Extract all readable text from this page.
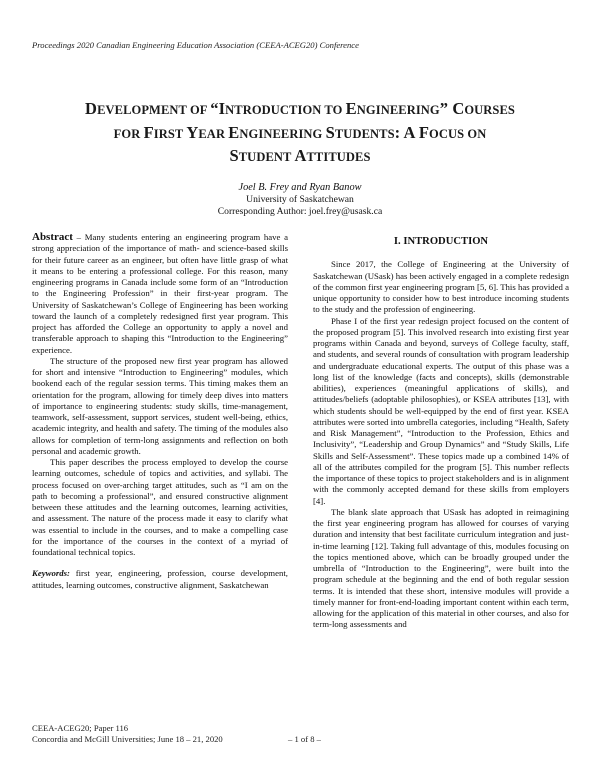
Proceedings 2020 Canadian Engineering Education Association (CEEA-ACEG20) Conference
DEVELOPMENT OF “INTRODUCTION TO ENGINEERING” COURSES
FOR FIRST YEAR ENGINEERING STUDENTS: A FOCUS ON
STUDENT ATTITUDES
Joel B. Frey and Ryan Banow
University of Saskatchewan
Corresponding Author: joel.frey@usask.ca

Abstract – Many students entering an engineering program have a strong appreciation of the importance of math- and science-based skills for their future career as an engineer, but often have little grasp of what it means to be entering a professional college. For this reason, many engineering programs in Canada include some form of an “Introduction to the Engineering Profession” in their first-year program. The University of Saskatchewan’s College of Engineering has been working toward the launch of a completely redesigned first year program. This project has afforded the College an opportunity to apply a novel and transferable approach to shaping this “Introduction to the Engineering” experience.

The structure of the proposed new first year program has allowed for short and intensive “Introduction to Engineering” modules, which bookend each of the regular session terms. This timing makes them an orientation for the program, allowing for timely deep dives into matters of importance to engineering students: study skills, time-management, teamwork, self-assessment, support services, student well-being, ethics, academic integrity, and health and safety. The timing of the modules also allows for completion of term-long assignments and reflection on both personal and academic growth.

This paper describes the process employed to develop the course learning outcomes, schedule of topics and activities, and syllabi. The process focused on over-arching target attitudes, such as “I am on the path to becoming a professional”, and ensured constructive alignment between these attitudes and the learning outcomes, learning activities, and assessment. The nature of the process made it easy to clarify what was essential to include in the courses, and to make a compelling case for the importance of the courses in the context of a myriad of foundational technical topics.

Keywords: first year, engineering, profession, course development, attitudes, learning outcomes, constructive alignment, Saskatchewan

I. INTRODUCTION

Since 2017, the College of Engineering at the University of Saskatchewan (USask) has been actively engaged in a complete redesign of the common first year engineering program [5, 6]. This has provided a unique opportunity to consider how to best introduce incoming students to the study and the profession of engineering.

Phase I of the first year redesign project focused on the content of the proposed program [5]. This involved research into existing first year programs within Canada and beyond, surveys of College faculty, staff, and students, and several rounds of consultation with program leadership and undergraduate educational experts. The output of this phase was a long list of the knowledge (facts and concepts), skills (demonstrable abilities), experiences (meaningful applications of skills), and attitudes/beliefs (adoptable philosophies), or KSEA attributes [13], with which students should be well-equipped by the end of first year. KSEA attributes were sorted into umbrella categories, including “Health, Safety and Risk Management”, “Introduction to the Profession, Ethics and Inclusivity”, “Leadership and Group Dynamics” and “Study Skills, Life Skills and Self-Assessment”. These topics made up a combined 14% of all of the attributes compiled for the program [5]. This number reflects the importance of these topics to project stakeholders and is in alignment with the commonly accepted demand for these skills from employers [4].

The blank slate approach that USask has adopted in reimagining the first year engineering program has allowed for courses of varying duration and intensity that best facilitate curriculum integration and just-in-time learning [12]. Taking full advantage of this, modules focusing on the topics mentioned above, which can be broadly grouped under the umbrella of “Introduction to the Engineering”, were built into the program schedule at the beginning and the end of both regular session terms. It is intended that these short, intensive modules will provide a timely manner for front-end-loading important content within each term, allowing for the application of this material in other courses, and also for term-long assessments and

CEEA-ACEG20; Paper 116
Concordia and McGill Universities; June 18 – 21, 2020	– 1 of 8 –
